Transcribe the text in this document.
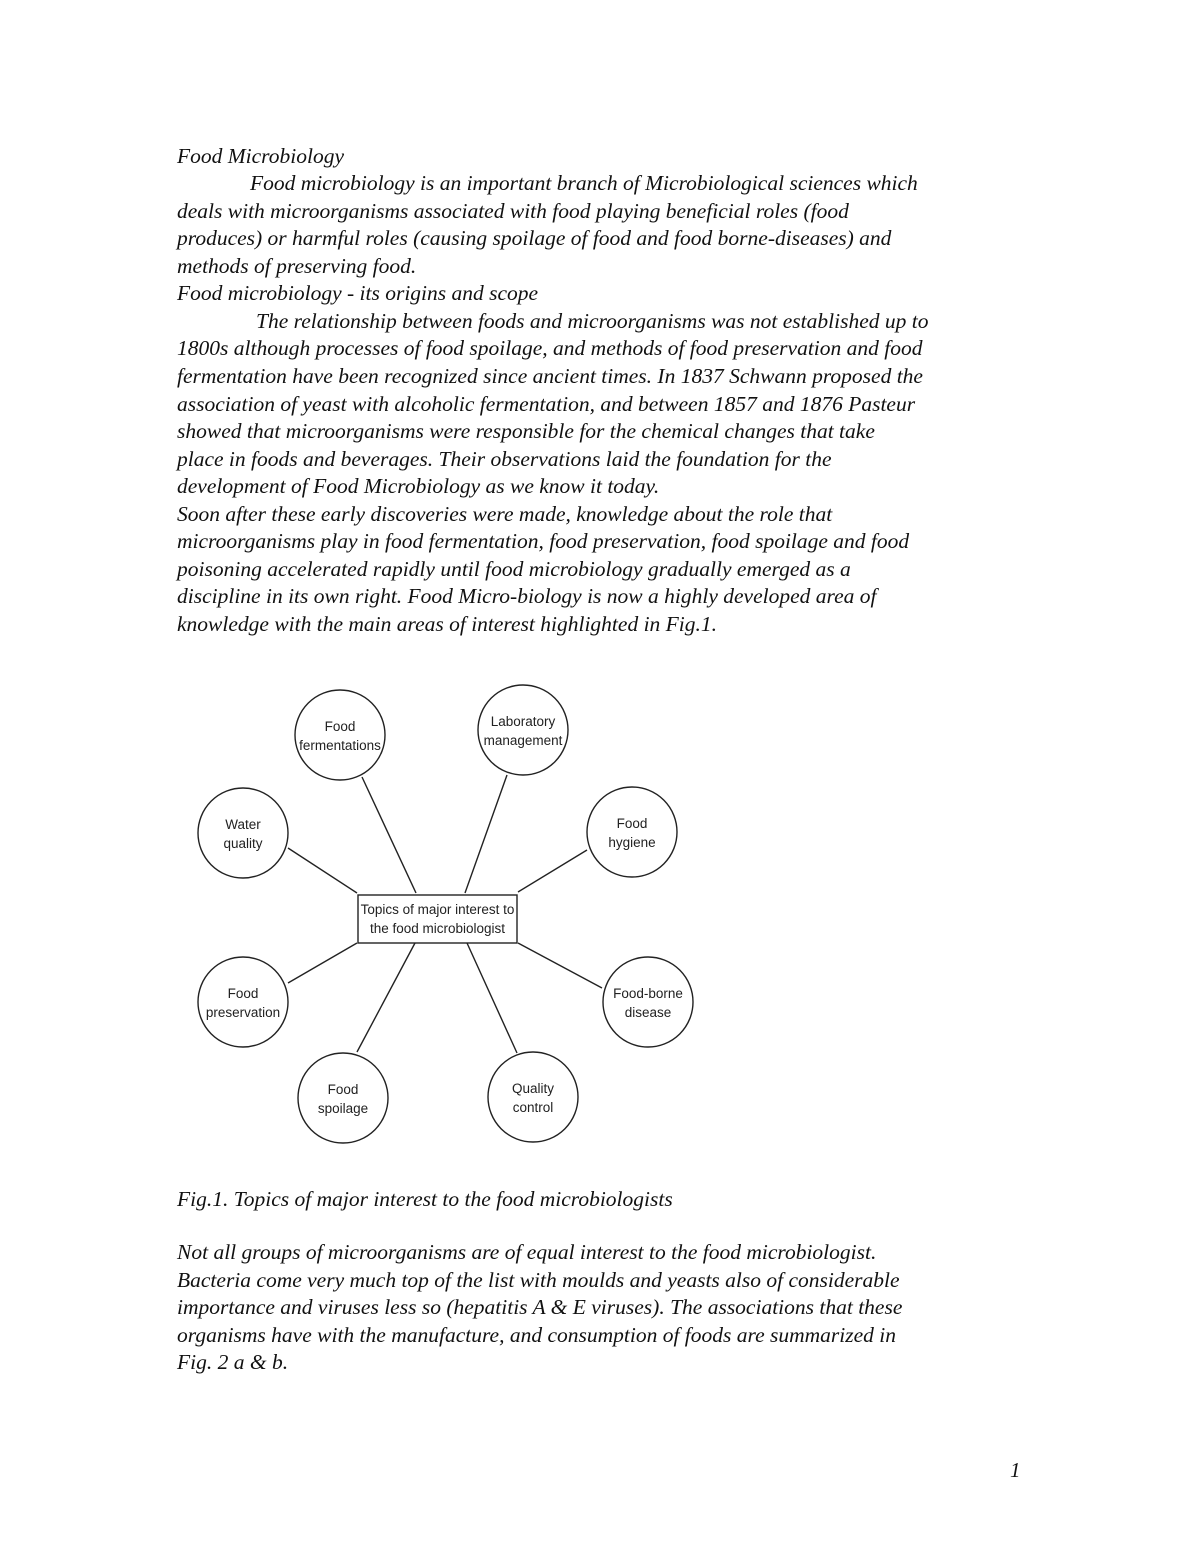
Food Microbiology
Food microbiology is an important branch of Microbiological sciences which
deals with microorganisms associated with food playing beneficial roles (food
produces) or harmful roles (causing spoilage of food and food borne-diseases) and
methods of preserving food.
Food microbiology - its origins and scope
The relationship between foods and microorganisms was not established up to
1800s although processes of food spoilage, and methods of food preservation and food
fermentation have been recognized since ancient times. In 1837 Schwann proposed the
association of yeast with alcoholic fermentation, and between 1857 and 1876 Pasteur
showed that microorganisms were responsible for the chemical changes that take
place in foods and beverages. Their observations laid the foundation for the
development of Food Microbiology as we know it today.
Soon after these early discoveries were made, knowledge about the role that
microorganisms play in food fermentation, food preservation, food spoilage and food
poisoning accelerated rapidly until food microbiology gradually emerged as a
discipline in its own right. Food Micro-biology is now a highly developed area of
knowledge with the main areas of interest highlighted in Fig.1.
Topics of major interest to
the food microbiologist
Food
fermentations
Laboratory
management
Water
quality
Food
hygiene
Food
preservation
Food-borne
disease
Food
spoilage
Quality
control
Fig.1. Topics of major interest to the food microbiologists
Not all groups of microorganisms are of equal interest to the food microbiologist.
Bacteria come very much top of the list with moulds and yeasts also of considerable
importance and viruses less so (hepatitis A & E viruses). The associations that these
organisms have with the manufacture, and consumption of foods are summarized in
Fig. 2 a & b.
1
